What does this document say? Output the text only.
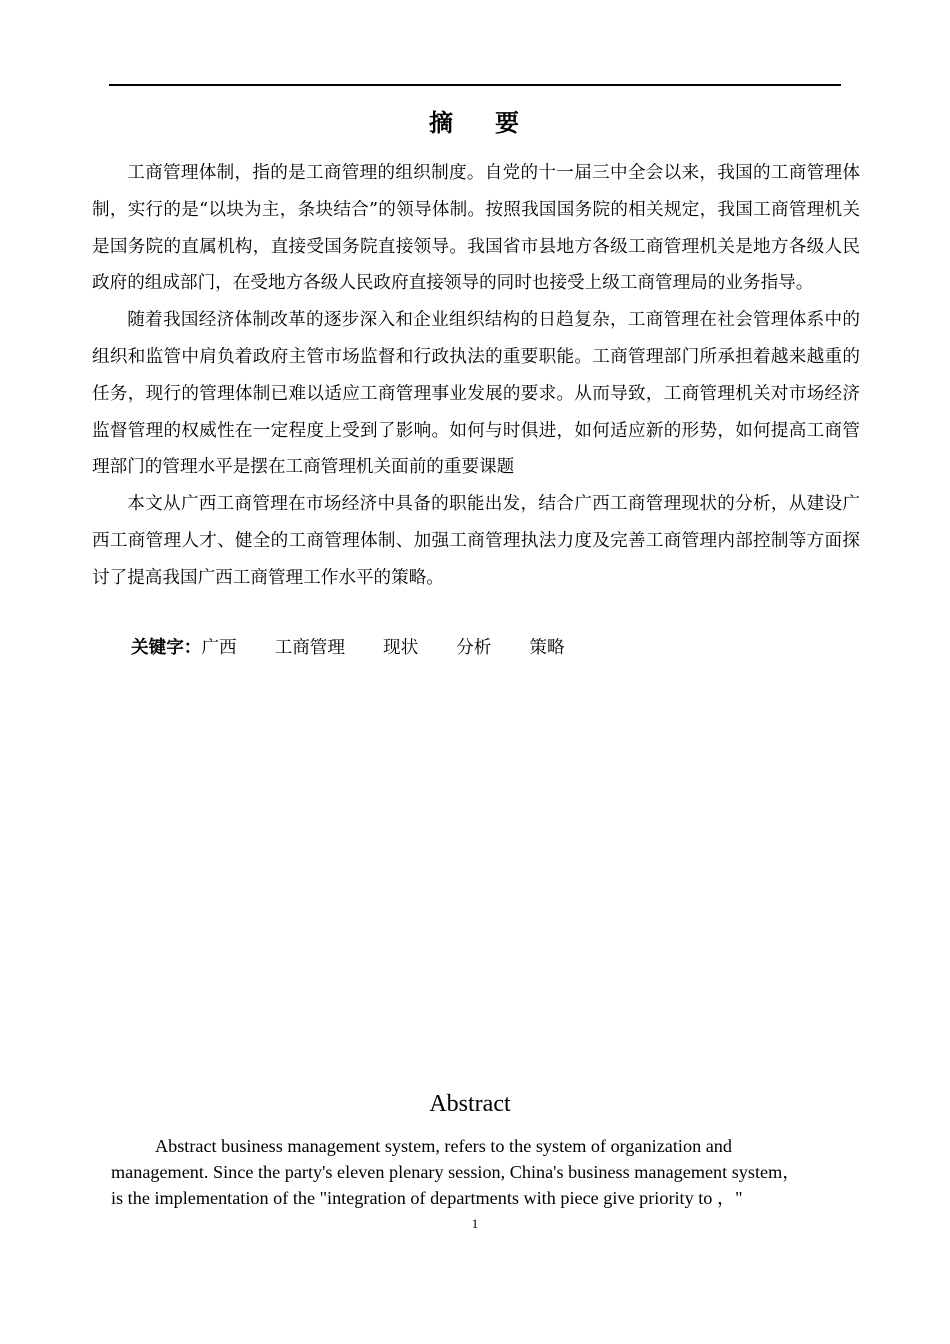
摘 要

工商管理体制，指的是工商管理的组织制度。自党的十一届三中全会以来，我国的工商管理体制，实行的是“以块为主，条块结合”的领导体制。按照我国国务院的相关规定，我国工商管理机关是国务院的直属机构，直接受国务院直接领导。我国省市县地方各级工商管理机关是地方各级人民政府的组成部门，在受地方各级人民政府直接领导的同时也接受上级工商管理局的业务指导。

随着我国经济体制改革的逐步深入和企业组织结构的日趋复杂，工商管理在社会管理体系中的组织和监管中肩负着政府主管市场监督和行政执法的重要职能。工商管理部门所承担着越来越重的任务，现行的管理体制已难以适应工商管理事业发展的要求。从而导致，工商管理机关对市场经济监督管理的权威性在一定程度上受到了影响。如何与时俱进，如何适应新的形势，如何提高工商管理部门的管理水平是摆在工商管理机关面前的重要课题

本文从广西工商管理在市场经济中具备的职能出发，结合广西工商管理现状的分析，从建设广西工商管理人才、健全的工商管理体制、加强工商管理执法力度及完善工商管理内部控制等方面探讨了提高我国广西工商管理工作水平的策略。

关键字：广西 工商管理 现状 分析 策略
Abstract
Abstract business management system, refers to the system of organization and
management. Since the party's eleven plenary session, China's business management system，
is the implementation of the "integration of departments with piece give priority to ，"
1
